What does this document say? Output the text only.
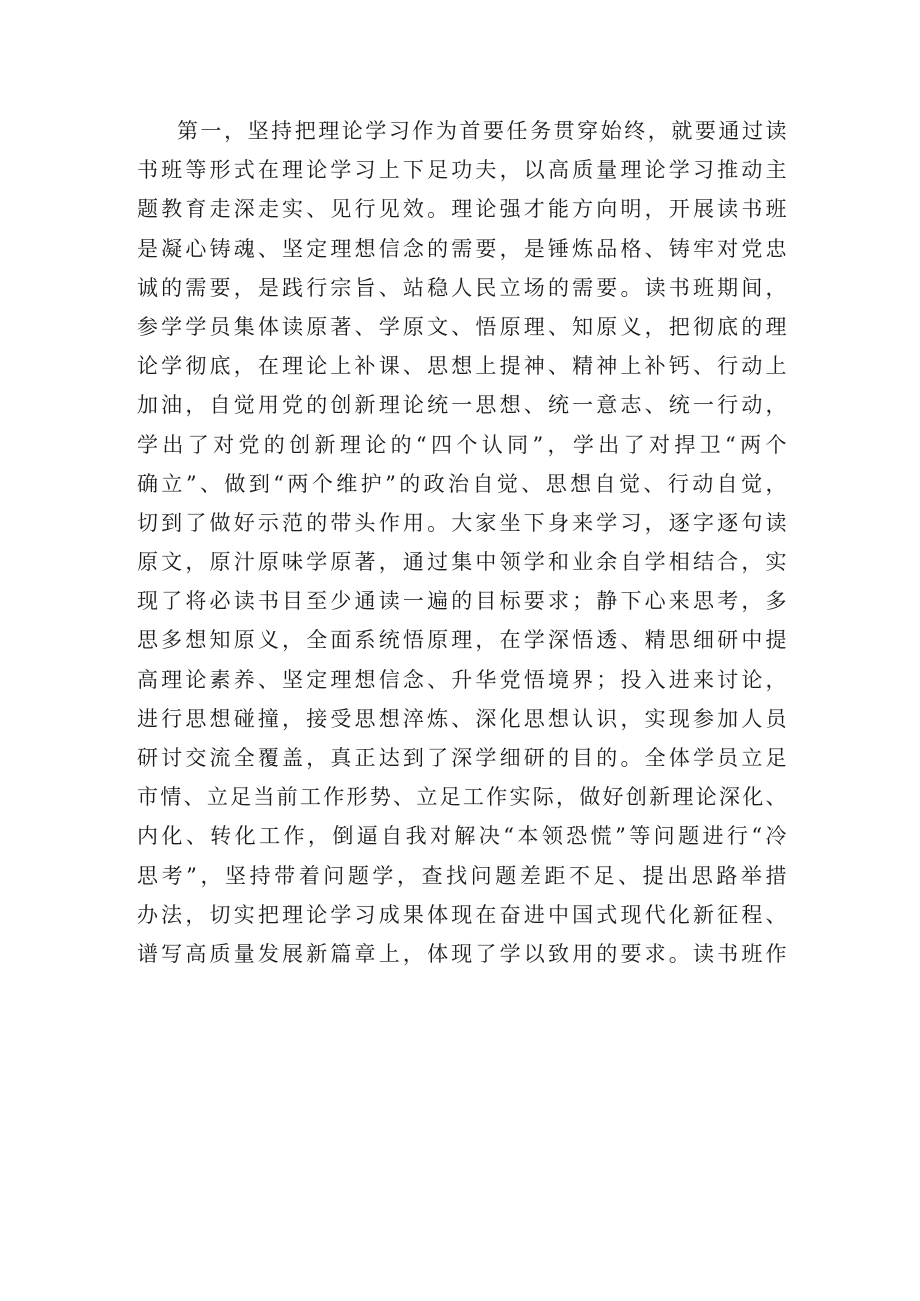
第一，坚持把理论学习作为首要任务贯穿始终，就要通过读
书班等形式在理论学习上下足功夫，以高质量理论学习推动主
题教育走深走实、见行见效。理论强才能方向明，开展读书班
是凝心铸魂、坚定理想信念的需要，是锤炼品格、铸牢对党忠
诚的需要，是践行宗旨、站稳人民立场的需要。读书班期间，
参学学员集体读原著、学原文、悟原理、知原义，把彻底的理
论学彻底，在理论上补课、思想上提神、精神上补钙、行动上
加油，自觉用党的创新理论统一思想、统一意志、统一行动，
学出了对党的创新理论的“四个认同”，学出了对捍卫“两个
确立”、做到“两个维护”的政治自觉、思想自觉、行动自觉，
切到了做好示范的带头作用。大家坐下身来学习，逐字逐句读
原文，原汁原味学原著，通过集中领学和业余自学相结合，实
现了将必读书目至少通读一遍的目标要求；静下心来思考，多
思多想知原义，全面系统悟原理，在学深悟透、精思细研中提
高理论素养、坚定理想信念、升华党悟境界；投入进来讨论，
进行思想碰撞，接受思想淬炼、深化思想认识，实现参加人员
研讨交流全覆盖，真正达到了深学细研的目的。全体学员立足
市情、立足当前工作形势、立足工作实际，做好创新理论深化、
内化、转化工作，倒逼自我对解决“本领恐慌”等问题进行“冷
思考”，坚持带着问题学，查找问题差距不足、提出思路举措
办法，切实把理论学习成果体现在奋进中国式现代化新征程、
谱写高质量发展新篇章上，体现了学以致用的要求。读书班作
